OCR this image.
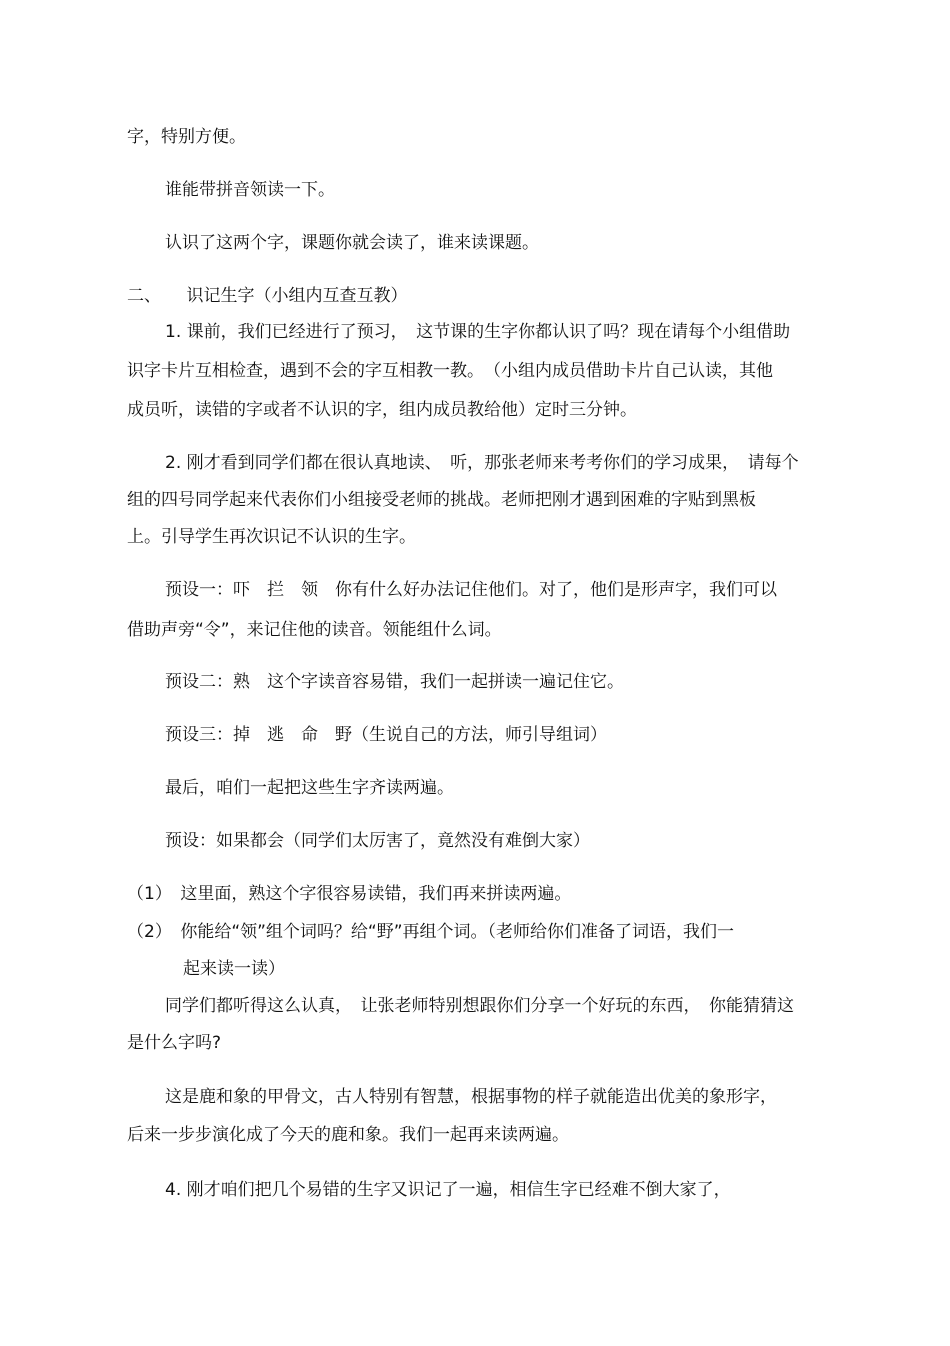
字，特别方便。

谁能带拼音领读一下。

认识了这两个字，课题你就会读了，谁来读课题。

二、　　识记生字（小组内互查互教）

1. 课前，我们已经进行了预习，　这节课的生字你都认识了吗？现在请每个小组借助

识字卡片互相检查，遇到不会的字互相教一教。　（小组内成员借助卡片自己认读，其他

成员听，读错的字或者不认识的字，组内成员教给他）定时三分钟。

2. 刚才看到同学们都在很认真地读、　听，那张老师来考考你们的学习成果，　请每个

组的四号同学起来代表你们小组接受老师的挑战。老师把刚才遇到困难的字贴到黑板

上。引导学生再次识记不认识的生字。

预设一：吓　拦　领　你有什么好办法记住他们。对了，他们是形声字，我们可以

借助声旁“令”，来记住他的读音。领能组什么词。

预设二：熟　这个字读音容易错，我们一起拼读一遍记住它。

预设三：掉　逃　命　野（生说自己的方法，师引导组词）

最后，咱们一起把这些生字齐读两遍。

预设：如果都会（同学们太厉害了，竟然没有难倒大家）

（1）　这里面，熟这个字很容易读错，我们再来拼读两遍。

（2）　你能给“领”组个词吗？给“野”再组个词。（老师给你们准备了词语，我们一

起来读一读）

同学们都听得这么认真，　让张老师特别想跟你们分享一个好玩的东西，　你能猜猜这

是什么字吗?

这是鹿和象的甲骨文，古人特别有智慧，根据事物的样子就能造出优美的象形字，

后来一步步演化成了今天的鹿和象。我们一起再来读两遍。

4. 刚才咱们把几个易错的生字又识记了一遍，相信生字已经难不倒大家了，
